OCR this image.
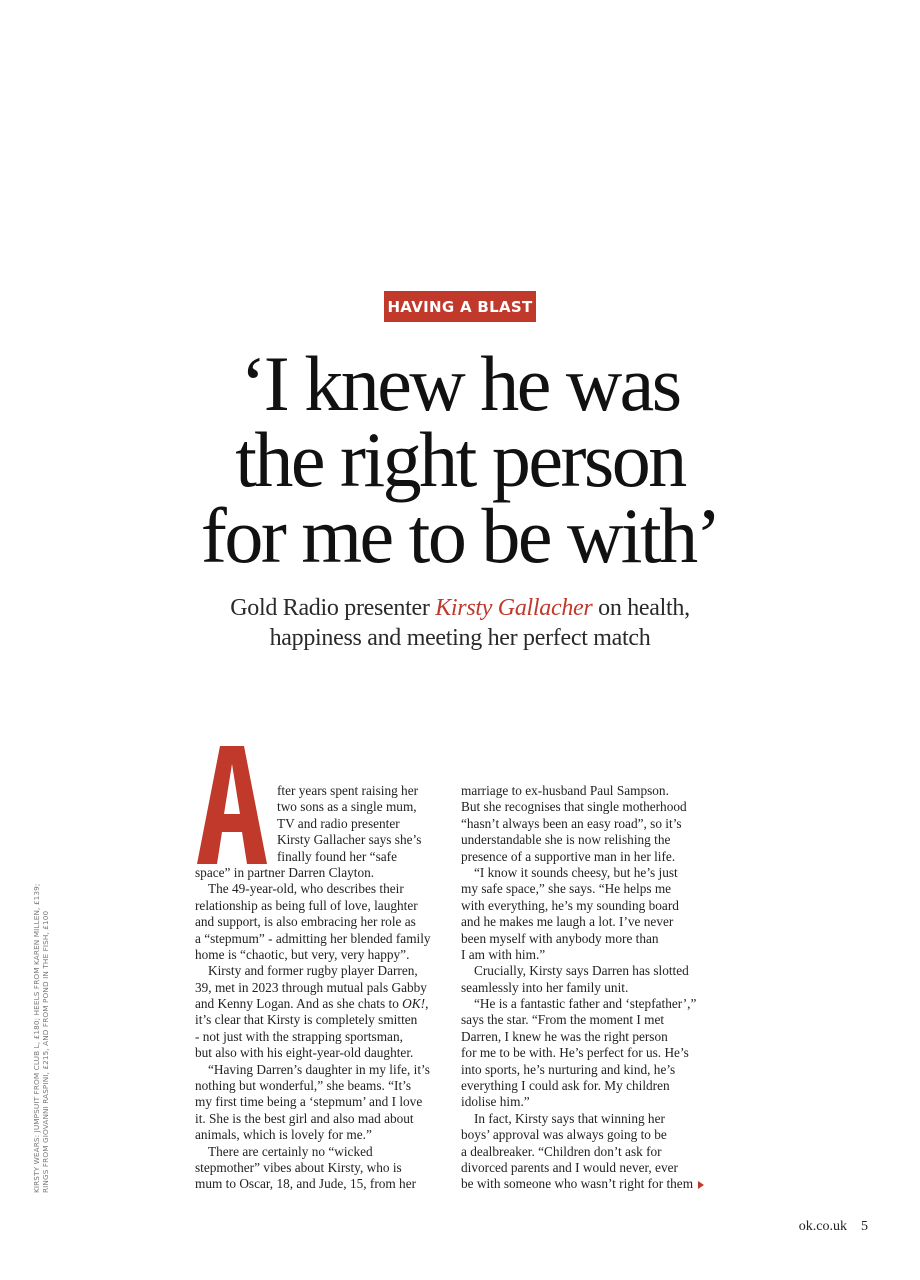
HAVING A BLAST
‘I knew he was
the right person
for me to be with’
Gold Radio presenter Kirsty Gallacher on health,
happiness and meeting her perfect match
A
fter years spent raising her
two sons as a single mum,
TV and radio presenter
Kirsty Gallacher says she’s
finally found her “safe
space” in partner Darren Clayton.
The 49-year-old, who describes their
relationship as being full of love, laughter
and support, is also embracing her role as
a “stepmum” - admitting her blended family
home is “chaotic, but very, very happy”.
Kirsty and former rugby player Darren,
39, met in 2023 through mutual pals Gabby
and Kenny Logan. And as she chats to OK!,
it’s clear that Kirsty is completely smitten
- not just with the strapping sportsman,
but also with his eight-year-old daughter.
“Having Darren’s daughter in my life, it’s
nothing but wonderful,” she beams. “It’s
my first time being a ‘stepmum’ and I love
it. She is the best girl and also mad about
animals, which is lovely for me.”
There are certainly no “wicked
stepmother” vibes about Kirsty, who is
mum to Oscar, 18, and Jude, 15, from her
marriage to ex-husband Paul Sampson.
But she recognises that single motherhood
“hasn’t always been an easy road”, so it’s
understandable she is now relishing the
presence of a supportive man in her life.
“I know it sounds cheesy, but he’s just
my safe space,” she says. “He helps me
with everything, he’s my sounding board
and he makes me laugh a lot. I’ve never
been myself with anybody more than
I am with him.”
Crucially, Kirsty says Darren has slotted
seamlessly into her family unit.
“He is a fantastic father and ‘stepfather’,”
says the star. “From the moment I met
Darren, I knew he was the right person
for me to be with. He’s perfect for us. He’s
into sports, he’s nurturing and kind, he’s
everything I could ask for. My children
idolise him.”
In fact, Kirsty says that winning her
boys’ approval was always going to be
a dealbreaker. “Children don’t ask for
divorced parents and I would never, ever
be with someone who wasn’t right for them
KIRSTY WEARS: JUMPSUIT FROM CLUB L, £180; HEELS FROM KAREN MILLEN, £139; RINGS FROM GIOVANNI RASPINI, £215, AND FROM POND IN THE FISH, £100
ok.co.uk 5
